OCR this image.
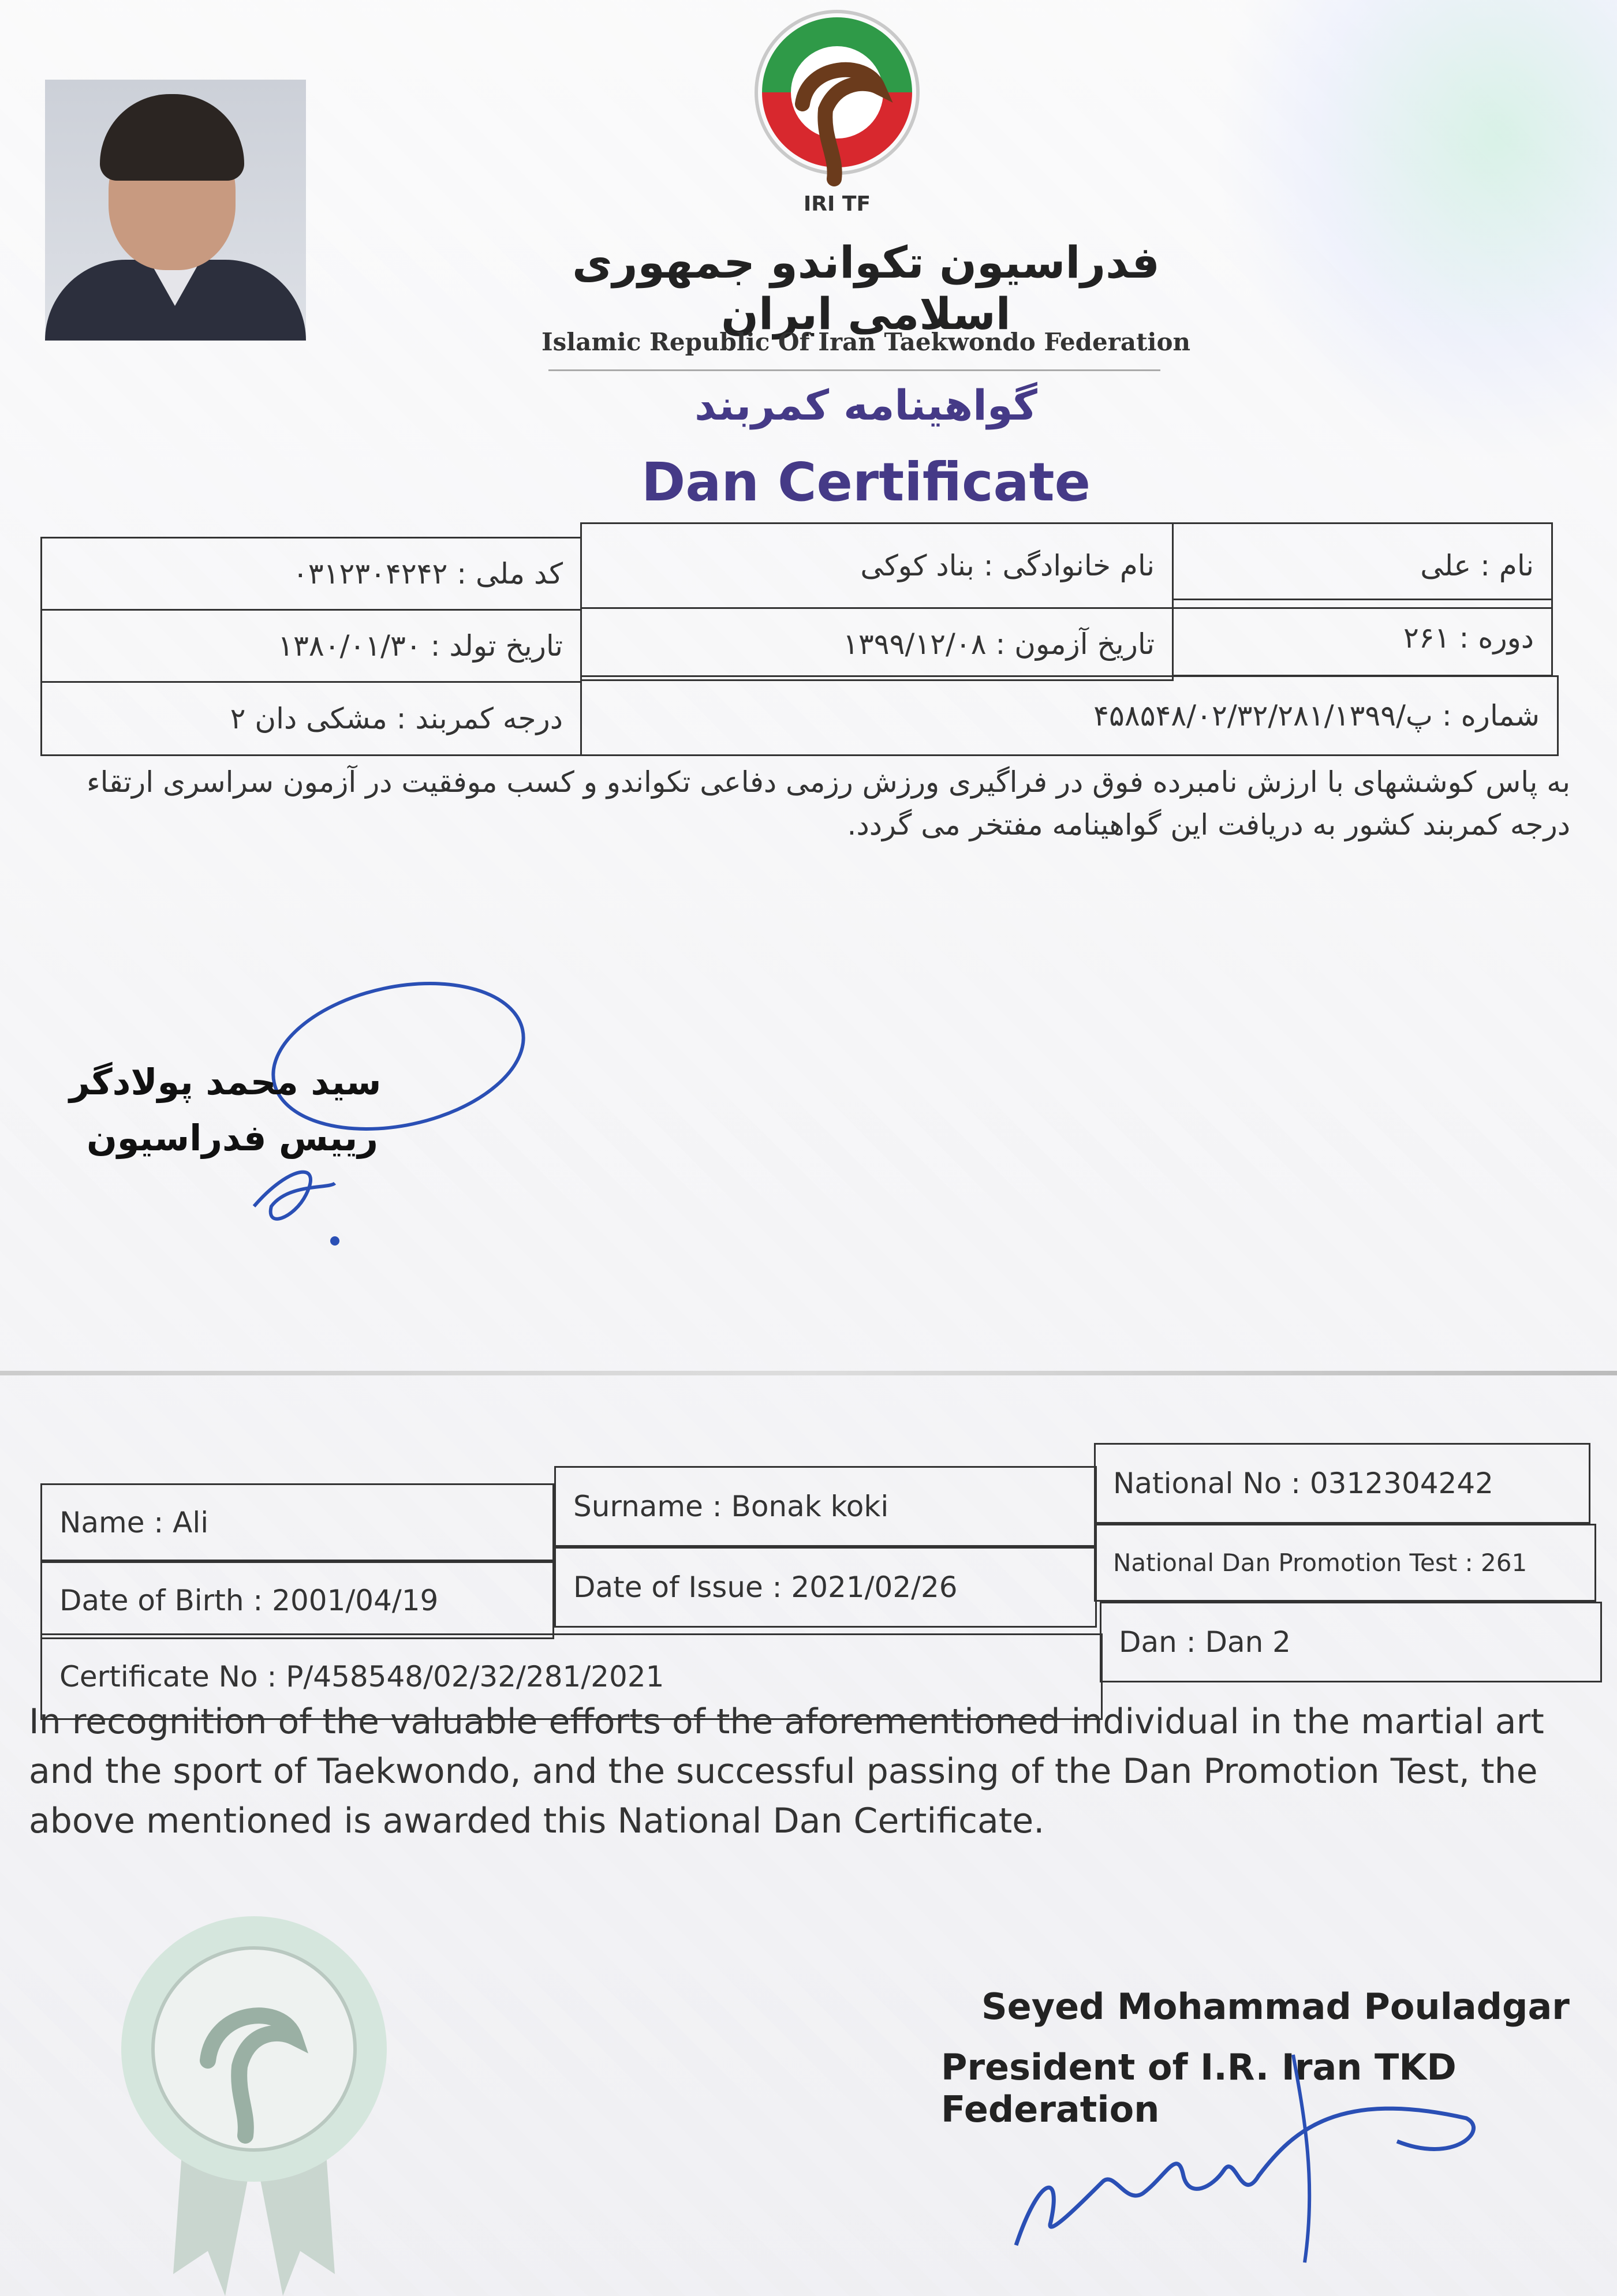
IRI TF
فدراسیون تکواندو جمهوری اسلامی ایران
Islamic Republic Of Iran Taekwondo Federation
گواهینامه کمربند
Dan Certificate
نام : علی
نام خانوادگی : بناد کوکی
کد ملی : ۰۳۱۲۳۰۴۲۴۲
دوره : ۲۶۱
تاریخ آزمون : ۱۳۹۹/۱۲/۰۸
تاریخ تولد : ۱۳۸۰/۰۱/۳۰
شماره : پ/۴۵۸۵۴۸/۰۲/۳۲/۲۸۱/۱۳۹۹
درجه کمربند : مشکی دان ۲
به پاس کوششهای با ارزش نامبرده فوق در فراگیری ورزش رزمی دفاعی تکواندو و کسب موفقیت در آزمون سراسری ارتقاء درجه کمربند کشور به دریافت این گواهینامه مفتخر می گردد.
سید محمد پولادگر
رییس فدراسیون
Name : Ali	Surname : Bonak koki
National No : 0312304242
Date of Birth : 2001/04/19	Date of Issue : 2021/02/26
National Dan Promotion Test : 261
Certificate No : P/458548/02/32/281/2021
Dan : Dan 2
In recognition of the valuable efforts of the aforementioned individual in the martial art and the sport of Taekwondo, and the successful passing of the Dan Promotion Test, the above mentioned is awarded this National Dan Certificate.
Seyed Mohammad Pouladgar
President of I.R. Iran TKD Federation
